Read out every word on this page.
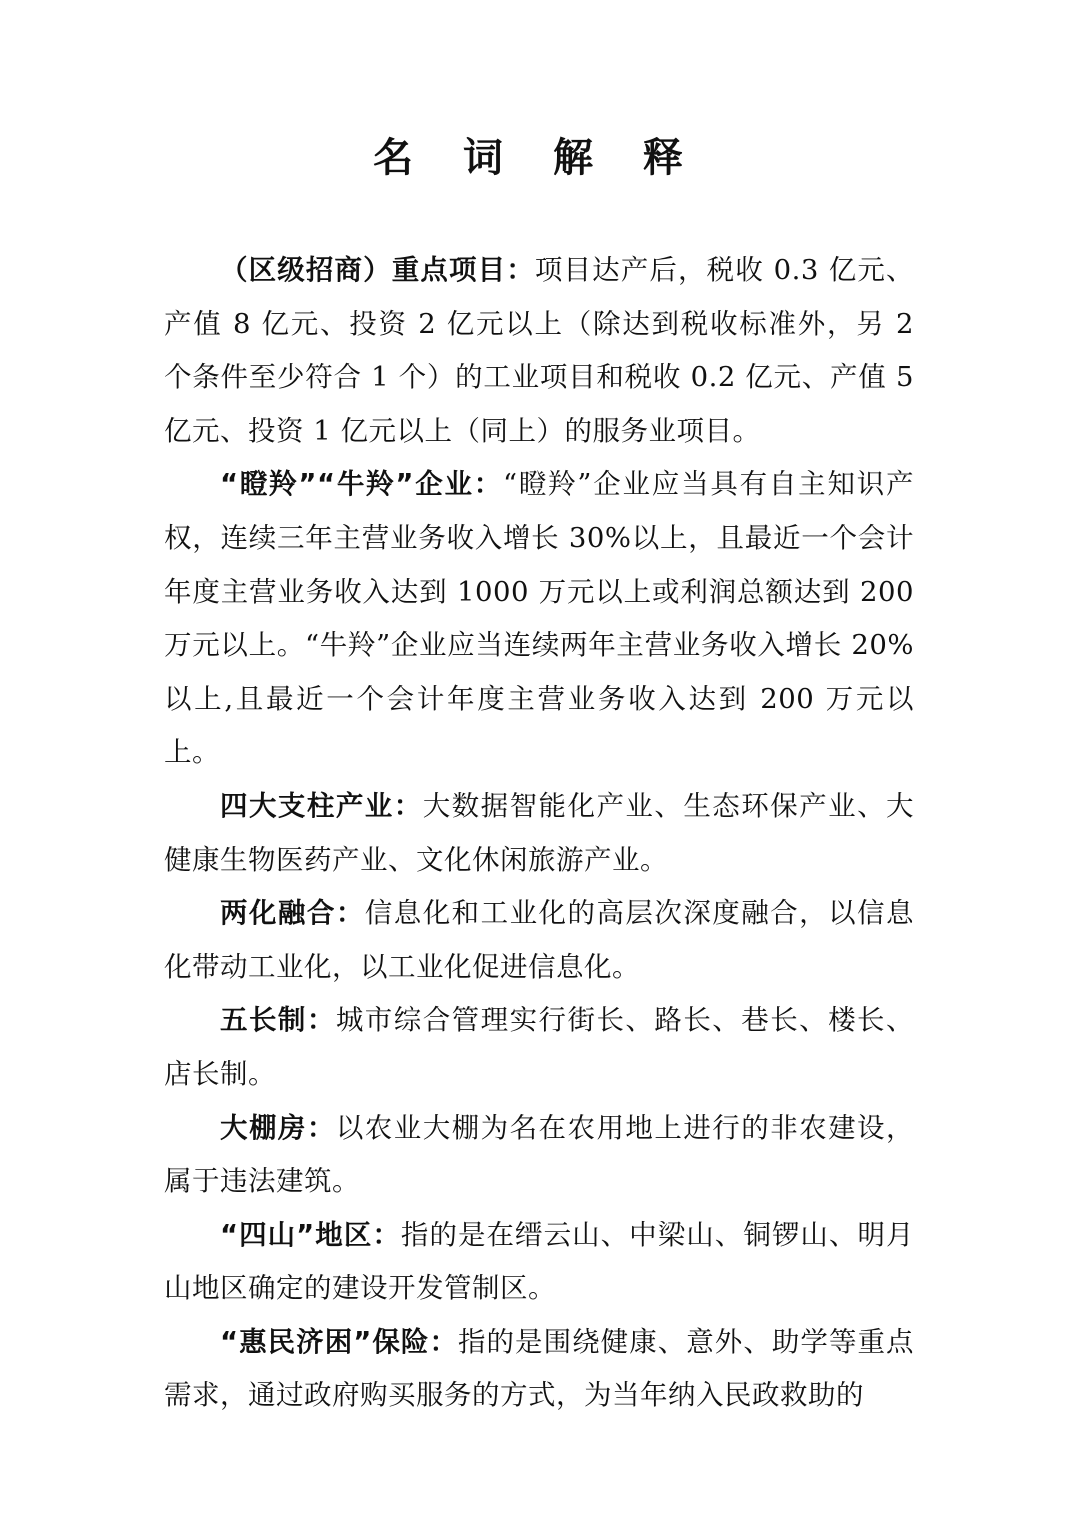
名 词 解 释

（区级招商）重点项目：项目达产后，税收 0.3 亿元、产值 8 亿元、投资 2 亿元以上（除达到税收标准外，另 2 个条件至少符合 1 个）的工业项目和税收 0.2 亿元、产值 5 亿元、投资 1 亿元以上（同上）的服务业项目。

“瞪羚”“牛羚”企业：“瞪羚”企业应当具有自主知识产权，连续三年主营业务收入增长 30%以上，且最近一个会计年度主营业务收入达到 1000 万元以上或利润总额达到 200 万元以上。“牛羚”企业应当连续两年主营业务收入增长 20%以上,且最近一个会计年度主营业务收入达到 200 万元以上。

四大支柱产业：大数据智能化产业、生态环保产业、大健康生物医药产业、文化休闲旅游产业。

两化融合：信息化和工业化的高层次深度融合，以信息化带动工业化，以工业化促进信息化。

五长制：城市综合管理实行街长、路长、巷长、楼长、店长制。

大棚房：以农业大棚为名在农用地上进行的非农建设，属于违法建筑。

“四山”地区：指的是在缙云山、中梁山、铜锣山、明月山地区确定的建设开发管制区。

“惠民济困”保险：指的是围绕健康、意外、助学等重点需求，通过政府购买服务的方式，为当年纳入民政救助的
